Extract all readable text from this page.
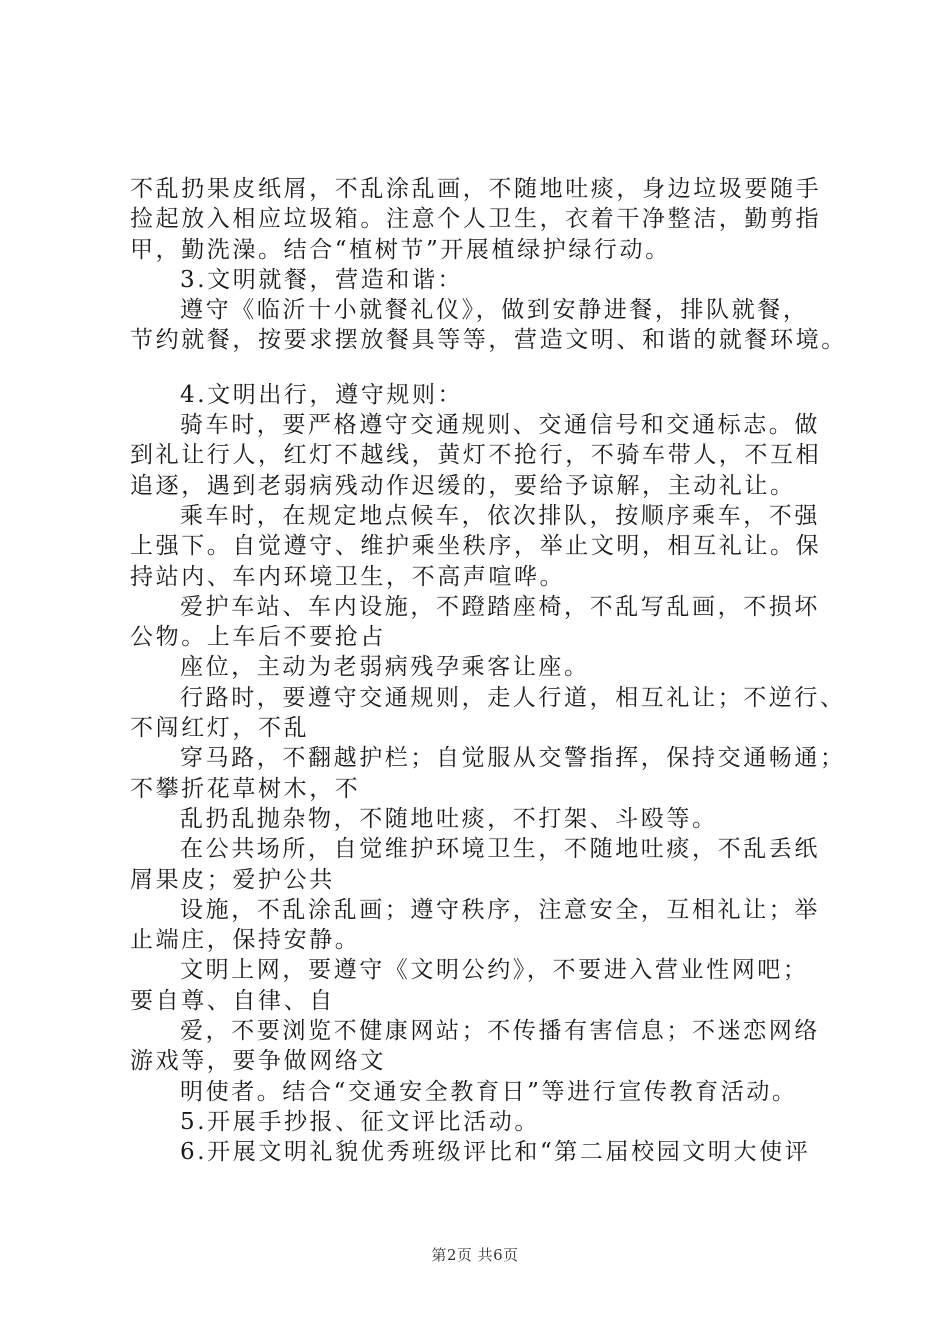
不乱扔果皮纸屑，不乱涂乱画，不随地吐痰，身边垃圾要随手
捡起放入相应垃圾箱。注意个人卫生，衣着干净整洁，勤剪指
甲，勤洗澡。结合“植树节”开展植绿护绿行动。
3.文明就餐，营造和谐：
遵守《临沂十小就餐礼仪》，做到安静进餐，排队就餐，
节约就餐，按要求摆放餐具等等，营造文明、和谐的就餐环境。
4.文明出行，遵守规则：
骑车时，要严格遵守交通规则、交通信号和交通标志。做
到礼让行人，红灯不越线，黄灯不抢行，不骑车带人，不互相
追逐，遇到老弱病残动作迟缓的，要给予谅解，主动礼让。
乘车时，在规定地点候车，依次排队，按顺序乘车，不强
上强下。自觉遵守、维护乘坐秩序，举止文明，相互礼让。保
持站内、车内环境卫生，不高声喧哗。
爱护车站、车内设施，不蹬踏座椅，不乱写乱画，不损坏
公物。上车后不要抢占
座位，主动为老弱病残孕乘客让座。
行路时，要遵守交通规则，走人行道，相互礼让；不逆行、
不闯红灯，不乱
穿马路，不翻越护栏；自觉服从交警指挥，保持交通畅通；
不攀折花草树木，不
乱扔乱抛杂物，不随地吐痰，不打架、斗殴等。
在公共场所，自觉维护环境卫生，不随地吐痰，不乱丢纸
屑果皮；爱护公共
设施，不乱涂乱画；遵守秩序，注意安全，互相礼让；举
止端庄，保持安静。
文明上网，要遵守《文明公约》，不要进入营业性网吧；
要自尊、自律、自
爱，不要浏览不健康网站；不传播有害信息；不迷恋网络
游戏等，要争做网络文
明使者。结合“交通安全教育日”等进行宣传教育活动。
5.开展手抄报、征文评比活动。
6.开展文明礼貌优秀班级评比和“第二届校园文明大使评
第2页 共6页
